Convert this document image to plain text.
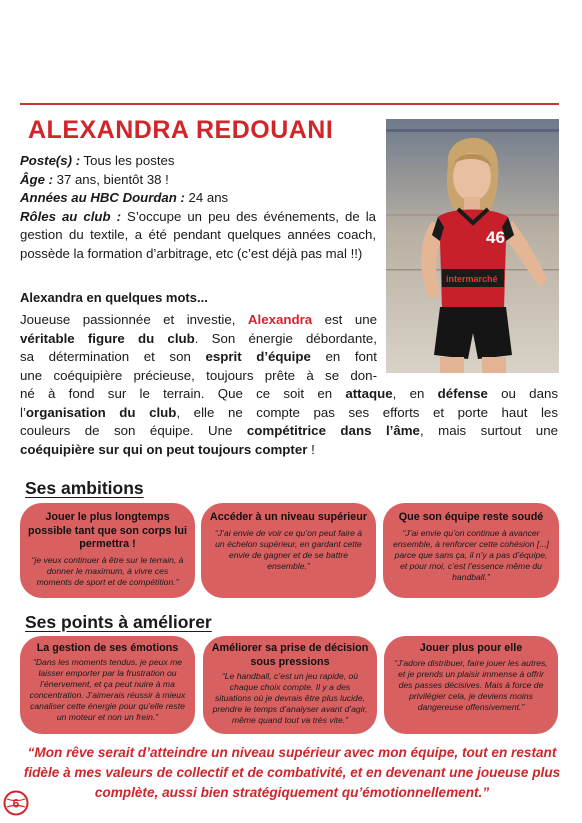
ALEXANDRA REDOUANI
46
intermarché

Poste(s) : Tous les postes

Âge : 37 ans, bientôt 38 !

Années au HBC Dourdan : 24 ans

Rôles au club : S’occupe un peu des événements, de la gestion du textile, a été pendant quelques années coach, possède la formation d’arbitrage, etc (c’est déjà pas mal !!)

Alexandra en quelques mots...
Joueuse passionnée et investie, Alexandra est une
véritable figure du club. Son énergie débordante,
sa détermination et son esprit d’équipe en font
une coéquipière précieuse, toujours prête à se don-
né à fond sur le terrain. Que ce soit en attaque, en défense ou dans
l’organisation du club, elle ne compte pas ses efforts et porte haut les
couleurs de son équipe. Une compétitrice dans l’âme, mais surtout une
coéquipière sur qui on peut toujours compter !
Ses ambitions
Jouer le plus longtemps possible tant que son corps lui permettra !
“je veux continuer à être sur le terrain, à donner le maximum, à vivre ces moments de sport et de compétition.”
Accéder à un niveau supérieur
“J’ai envie de voir ce qu’on peut faire à un échelon supérieur, en gardant cette envie de gagner et de se battre ensemble.”
Que son équipe reste soudé
“J’ai envie qu’on continue à avancer ensemble, à renforcer cette cohésion [...] parce que sans ça, il n’y a pas d’équipe, et pour moi, c’est l’essence même du handball.”
Ses points à améliorer
La gestion de ses émotions
“Dans les moments tendus, je peux me laisser emporter par la frustration ou l’énervement, et ça peut nuire à ma concentration. J’aimerais réussir à mieux canaliser cette énergie pour qu’elle reste un moteur et non un frein.”
Améliorer sa prise de décision sous pressions
“Le handball, c’est un jeu rapide, où chaque choix compte. Il y a des situations où je devrais être plus lucide, prendre le temps d’analyser avant d’agir, même quand tout va très vite.”
Jouer plus pour elle
“J’adore distribuer, faire jouer les autres, et je prends un plaisir immense à offrir des passes décisives. Mais à force de privilégier cela, je deviens moins dangereuse offensivement.”

“Mon rêve serait d’atteindre un niveau supérieur avec mon équipe, tout en restant fidèle à mes valeurs de collectif et de combativité, et en devenant une joueuse plus complète, aussi bien stratégiquement qu’émotionnellement.”

6
